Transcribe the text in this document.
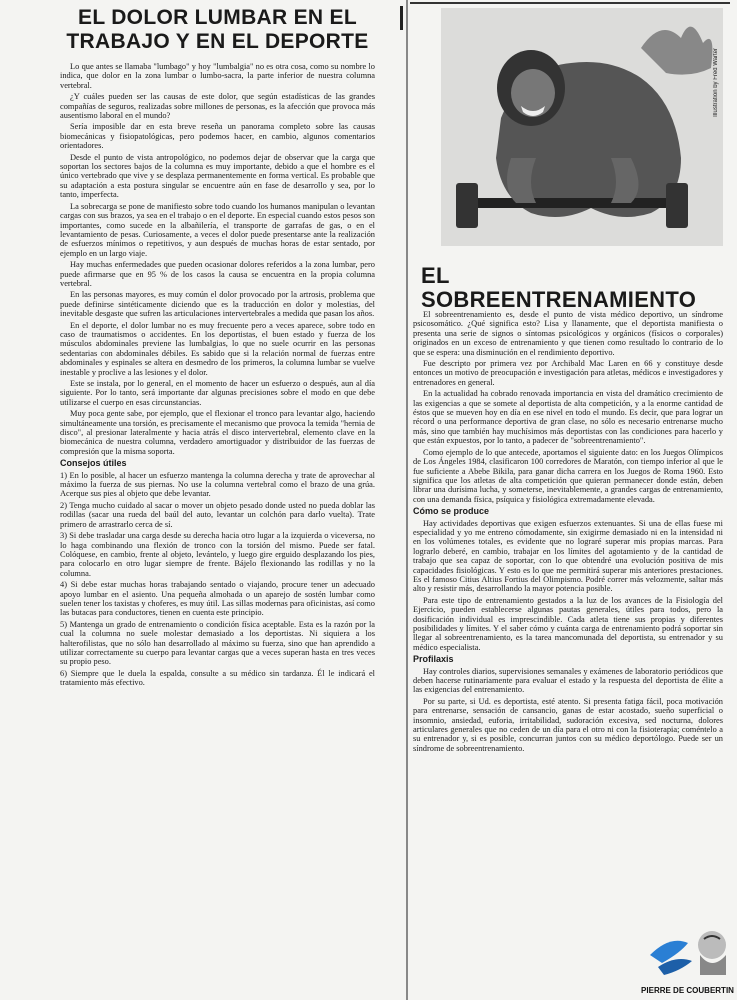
EL DOLOR LUMBAR EN EL TRABAJO Y EN EL DEPORTE

Lo que antes se llamaba "lumbago" y hoy "lumbalgia" no es otra cosa, como su nombre lo indica, que dolor en la zona lumbar o lumbo-sacra, la parte inferior de nuestra columna vertebral.

¿Y cuáles pueden ser las causas de este dolor, que según estadísticas de las grandes compañías de seguros, realizadas sobre millones de personas, es la afección que provoca más ausentismo laboral en el mundo?

Sería imposible dar en esta breve reseña un panorama completo sobre las causas biomecánicas y fisiopatológicas, pero podemos hacer, en cambio, algunos comentarios orientadores.

Desde el punto de vista antropológico, no podemos dejar de observar que la carga que soportan los sectores bajos de la columna es muy importante, debido a que el hombre es el único vertebrado que vive y se desplaza permanentemente en forma vertical. Es probable que su adaptación a esta postura singular se encuentre aún en fase de desarrollo y sea, por lo tanto, imperfecta.

La sobrecarga se pone de manifiesto sobre todo cuando los humanos manipulan o levantan cargas con sus brazos, ya sea en el trabajo o en el deporte. En especial cuando estos pesos son importantes, como sucede en la albañilería, el transporte de garrafas de gas, o en el levantamiento de pesas. Curiosamente, a veces el dolor puede presentarse ante la realización de esfuerzos mínimos o repetitivos, y aun después de muchas horas de estar sentado, por ejemplo en un largo viaje.

Hay muchas enfermedades que pueden ocasionar dolores referidos a la zona lumbar, pero puede afirmarse que en 95 % de los casos la causa se encuentra en la propia columna vertebral.

En las personas mayores, es muy común el dolor provocado por la artrosis, problema que puede definirse sintéticamente diciendo que es la traducción en dolor y molestias, del inevitable desgaste que sufren las articulaciones intervertebrales a medida que pasan los años.

En el deporte, el dolor lumbar no es muy frecuente pero a veces aparece, sobre todo en caso de traumatismos o accidentes. En los deportistas, el buen estado y fuerza de los músculos abdominales previene las lumbalgias, lo que no suele ocurrir en las personas sedentarias con abdominales débiles. Es sabido que si la relación normal de fuerzas entre abdominales y espinales se altera en desmedro de los primeros, la columna lumbar se vuelve inestable y proclive a las lesiones y el dolor.

Este se instala, por lo general, en el momento de hacer un esfuerzo o después, aun al día siguiente. Por lo tanto, será importante dar algunas precisiones sobre el modo en que debe utilizarse el cuerpo en esas circunstancias.

Muy poca gente sabe, por ejemplo, que el flexionar el tronco para levantar algo, haciendo simultáneamente una torsión, es precisamente el mecanismo que provoca la temida "hernia de disco", al presionar lateralmente y hacia atrás el disco intervertebral, elemento clave en la biomecánica de nuestra columna, verdadero amortiguador y distribuidor de las fuerzas de compresión que la misma soporta.

Consejos útiles

1) En lo posible, al hacer un esfuerzo mantenga la columna derecha y trate de aprovechar al máximo la fuerza de sus piernas. No use la columna vertebral como el brazo de una grúa. Acerque sus pies al objeto que debe levantar.

2) Tenga mucho cuidado al sacar o mover un objeto pesado donde usted no pueda doblar las rodillas (sacar una rueda del baúl del auto, levantar un colchón para darlo vuelta). Trate primero de arrastrarlo cerca de sí.

3) Si debe trasladar una carga desde su derecha hacia otro lugar a la izquierda o viceversa, no lo haga combinando una flexión de tronco con la torsión del mismo. Puede ser fatal. Colóquese, en cambio, frente al objeto, levántelo, y luego gire erguido desplazando los pies, para colocarlo en otro lugar siempre de frente. Bájelo flexionando las rodillas y no la columna.

4) Si debe estar muchas horas trabajando sentado o viajando, procure tener un adecuado apoyo lumbar en el asiento. Una pequeña almohada o un aparejo de sostén lumbar como suelen tener los taxistas y choferes, es muy útil. Las sillas modernas para oficinistas, así como las butacas para conductores, tienen en cuenta este principio.

5) Mantenga un grado de entrenamiento o condición física aceptable. Esta es la razón por la cual la columna no suele molestar demasiado a los deportistas. Ni siquiera a los halterofilistas, que no sólo han desarrollado al máximo su fuerza, sino que han aprendido a utilizar correctamente su cuerpo para levantar cargas que a veces superan hasta en tres veces su propio peso.

6) Siempre que le duela la espalda, consulte a su médico sin tardanza. Él le indicará el tratamiento más efectivo.

Illustration by Fred Warter
EL SOBREENTRENAMIENTO

El sobreentrenamiento es, desde el punto de vista médico deportivo, un síndrome psicosomático. ¿Qué significa esto? Lisa y llanamente, que el deportista manifiesta o presenta una serie de signos o síntomas psicológicos y orgánicos (físicos o corporales) originados en un exceso de entrenamiento y que tienen como resultado lo contrario de lo que se espera: una disminución en el rendimiento deportivo.

Fue descripto por primera vez por Archibald Mac Laren en 66 y constituye desde entonces un motivo de preocupación e investigación para atletas, médicos e investigadores y entrenadores en general.

En la actualidad ha cobrado renovada importancia en vista del dramático crecimiento de las exigencias a que se somete al deportista de alta competición, y a la enorme cantidad de éstos que se mueven hoy en día en ese nivel en todo el mundo. Es decir, que para lograr un récord o una performance deportiva de gran clase, no sólo es necesario entrenarse mucho más, sino que también hay muchísimos más deportistas con las condiciones para hacerlo y que están expuestos, por lo tanto, a padecer de "sobreentrenamiento".

Como ejemplo de lo que antecede, aportamos el siguiente dato: en los Juegos Olímpicos de Los Ángeles 1984, clasificaron 100 corredores de Maratón, con tiempo inferior al que le fue suficiente a Abebe Bikila, para ganar dicha carrera en los Juegos de Roma 1960. Esto significa que los atletas de alta competición que quieran permanecer donde están, deben librar una durísima lucha, y someterse, inevitablemente, a grandes cargas de entrenamiento, con una demanda física, psíquica y fisiológica extremadamente elevada.

Cómo se produce

Hay actividades deportivas que exigen esfuerzos extenuantes. Si una de ellas fuese mi especialidad y yo me entreno cómodamente, sin exigirme demasiado ni en la intensidad ni en los volúmenes totales, es evidente que no lograré superar mis propias marcas. Para lograrlo deberé, en cambio, trabajar en los límites del agotamiento y de la cantidad de trabajo que sea capaz de soportar, con lo que obtendré una evolución positiva de mis capacidades fisiológicas. Y esto es lo que me permitirá superar mis anteriores prestaciones. Es el famoso Citius Altius Fortius del Olimpismo. Podré correr más velozmente, saltar más alto y resistir más, desarrollando la mayor potencia posible.

Para este tipo de entrenamiento gestados a la luz de los avances de la Fisiología del Ejercicio, pueden establecerse algunas pautas generales, útiles para todos, pero la dosificación individual es imprescindible. Cada atleta tiene sus propias y diferentes posibilidades y límites. Y el saber cómo y cuánta carga de entrenamiento podrá soportar sin llegar al sobreentrenamiento, es la tarea mancomunada del deportista, su entrenador y su médico especialista.

Profilaxis

Hay controles diarios, supervisiones semanales y exámenes de laboratorio periódicos que deben hacerse rutinariamente para evaluar el estado y la respuesta del deportista de élite a las exigencias del entrenamiento.

Por su parte, si Ud. es deportista, esté atento. Si presenta fatiga fácil, poca motivación para entrenarse, sensación de cansancio, ganas de estar acostado, sueño superficial o insomnio, ansiedad, euforia, irritabilidad, sudoración excesiva, sed nocturna, dolores articulares generales que no ceden de un día para el otro ni con la fisioterapia; coméntelo a su entrenador y, si es posible, concurran juntos con su médico deportólogo. Puede ser un síndrome de sobreentrenamiento.

PIERRE DE COUBERTIN
